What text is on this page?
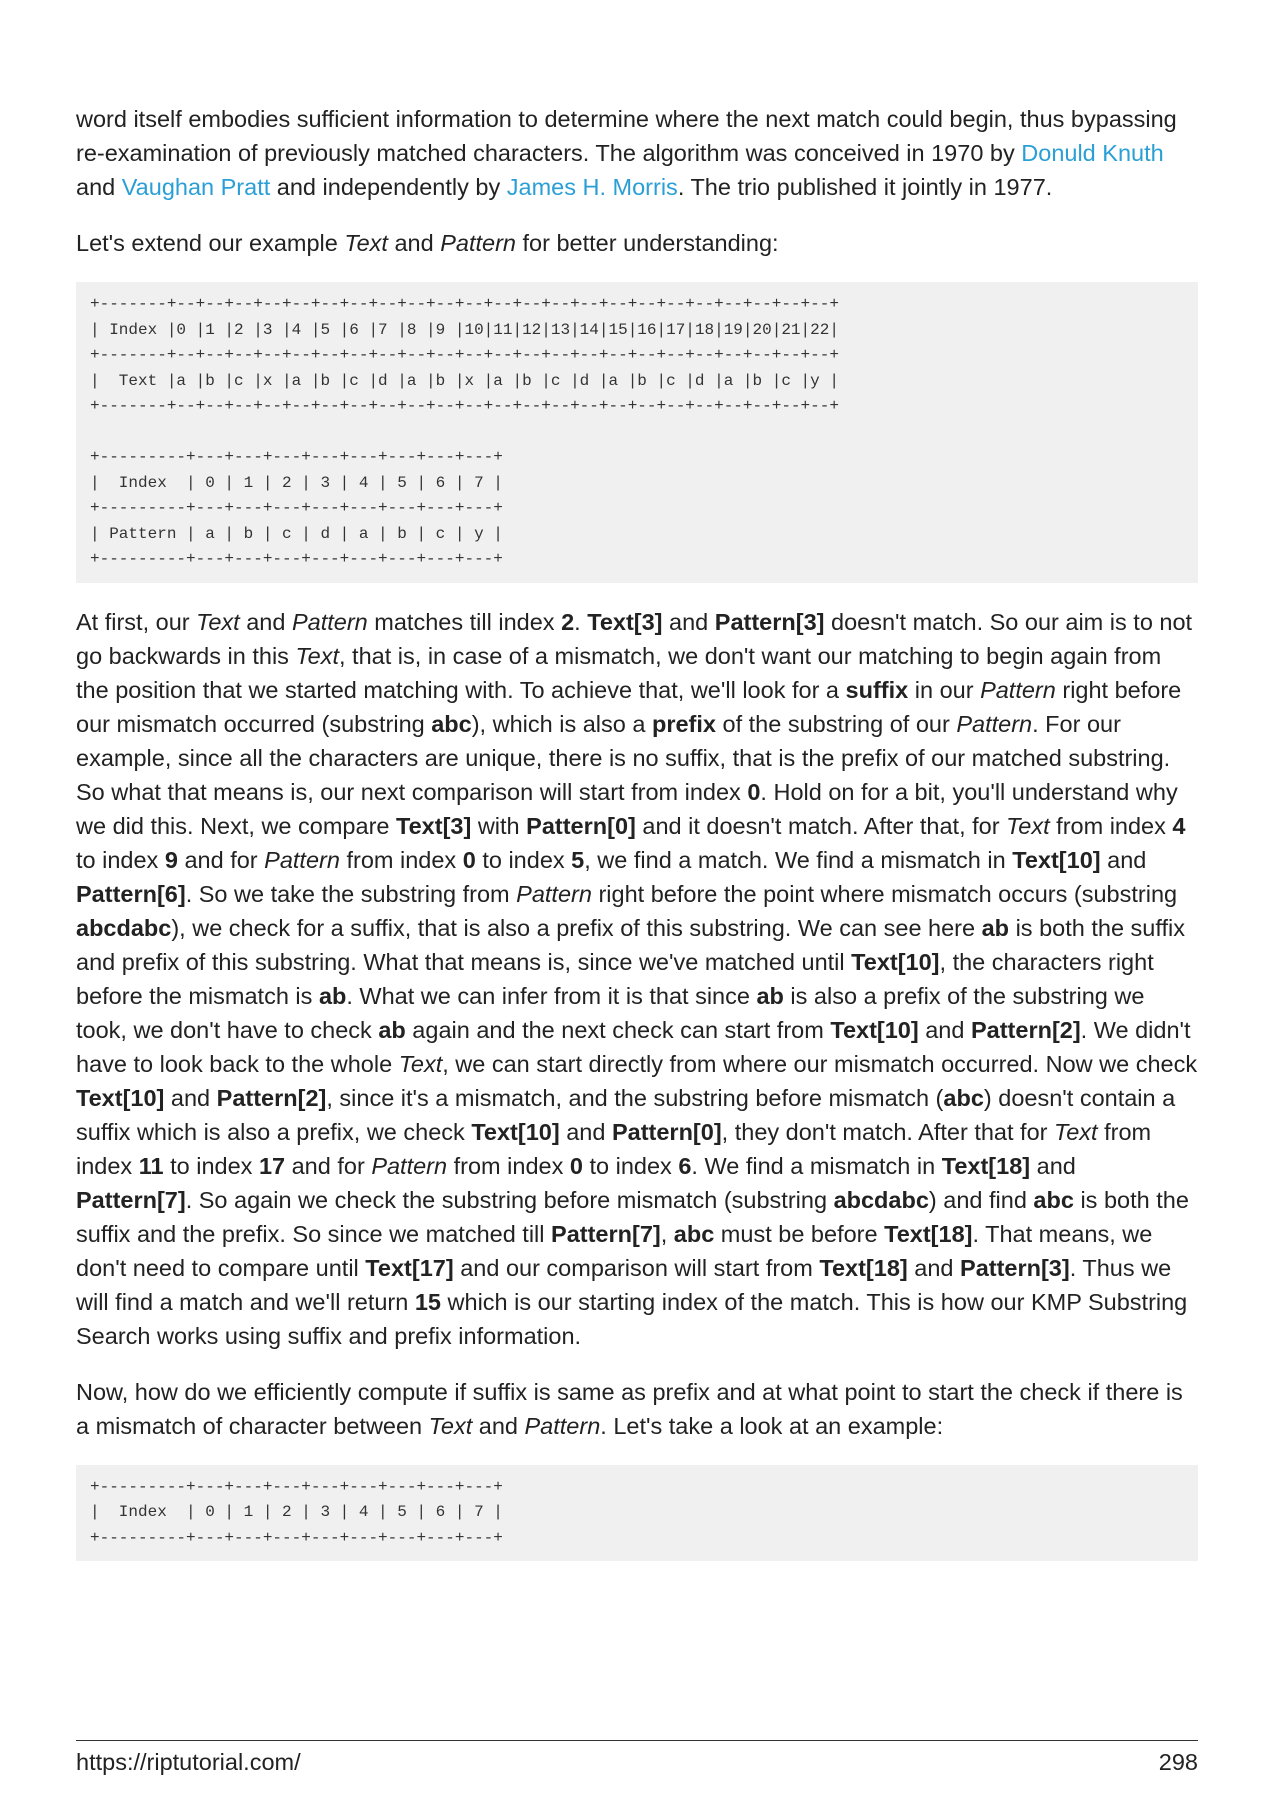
word itself embodies sufficient information to determine where the next match could begin, thus bypassing re-examination of previously matched characters. The algorithm was conceived in 1970 by Donuld Knuth and Vaughan Pratt and independently by James H. Morris. The trio published it jointly in 1977.

Let's extend our example Text and Pattern for better understanding:

+-------+--+--+--+--+--+--+--+--+--+--+--+--+--+--+--+--+--+--+--+--+--+--+--+
| Index |0 |1 |2 |3 |4 |5 |6 |7 |8 |9 |10|11|12|13|14|15|16|17|18|19|20|21|22|
+-------+--+--+--+--+--+--+--+--+--+--+--+--+--+--+--+--+--+--+--+--+--+--+--+
|  Text |a |b |c |x |a |b |c |d |a |b |x |a |b |c |d |a |b |c |d |a |b |c |y |
+-------+--+--+--+--+--+--+--+--+--+--+--+--+--+--+--+--+--+--+--+--+--+--+--+
+---------+---+---+---+---+---+---+---+---+
|  Index  | 0 | 1 | 2 | 3 | 4 | 5 | 6 | 7 |
+---------+---+---+---+---+---+---+---+---+
| Pattern | a | b | c | d | a | b | c | y |
+---------+---+---+---+---+---+---+---+---+

At first, our Text and Pattern matches till index 2. Text[3] and Pattern[3] doesn't match. So our aim is to not go backwards in this Text, that is, in case of a mismatch, we don't want our matching to begin again from the position that we started matching with. To achieve that, we'll look for a suffix in our Pattern right before our mismatch occurred (substring abc), which is also a prefix of the substring of our Pattern. For our example, since all the characters are unique, there is no suffix, that is the prefix of our matched substring. So what that means is, our next comparison will start from index 0. Hold on for a bit, you'll understand why we did this. Next, we compare Text[3] with Pattern[0] and it doesn't match. After that, for Text from index 4 to index 9 and for Pattern from index 0 to index 5, we find a match. We find a mismatch in Text[10] and Pattern[6]. So we take the substring from Pattern right before the point where mismatch occurs (substring abcdabc), we check for a suffix, that is also a prefix of this substring. We can see here ab is both the suffix and prefix of this substring. What that means is, since we've matched until Text[10], the characters right before the mismatch is ab. What we can infer from it is that since ab is also a prefix of the substring we took, we don't have to check ab again and the next check can start from Text[10] and Pattern[2]. We didn't have to look back to the whole Text, we can start directly from where our mismatch occurred. Now we check Text[10] and Pattern[2], since it's a mismatch, and the substring before mismatch (abc) doesn't contain a suffix which is also a prefix, we check Text[10] and Pattern[0], they don't match. After that for Text from index 11 to index 17 and for Pattern from index 0 to index 6. We find a mismatch in Text[18] and Pattern[7]. So again we check the substring before mismatch (substring abcdabc) and find abc is both the suffix and the prefix. So since we matched till Pattern[7], abc must be before Text[18]. That means, we don't need to compare until Text[17] and our comparison will start from Text[18] and Pattern[3]. Thus we will find a match and we'll return 15 which is our starting index of the match. This is how our KMP Substring Search works using suffix and prefix information.

Now, how do we efficiently compute if suffix is same as prefix and at what point to start the check if there is a mismatch of character between Text and Pattern. Let's take a look at an example:

+---------+---+---+---+---+---+---+---+---+
|  Index  | 0 | 1 | 2 | 3 | 4 | 5 | 6 | 7 |
+---------+---+---+---+---+---+---+---+---+
https://riptutorial.com/	298
